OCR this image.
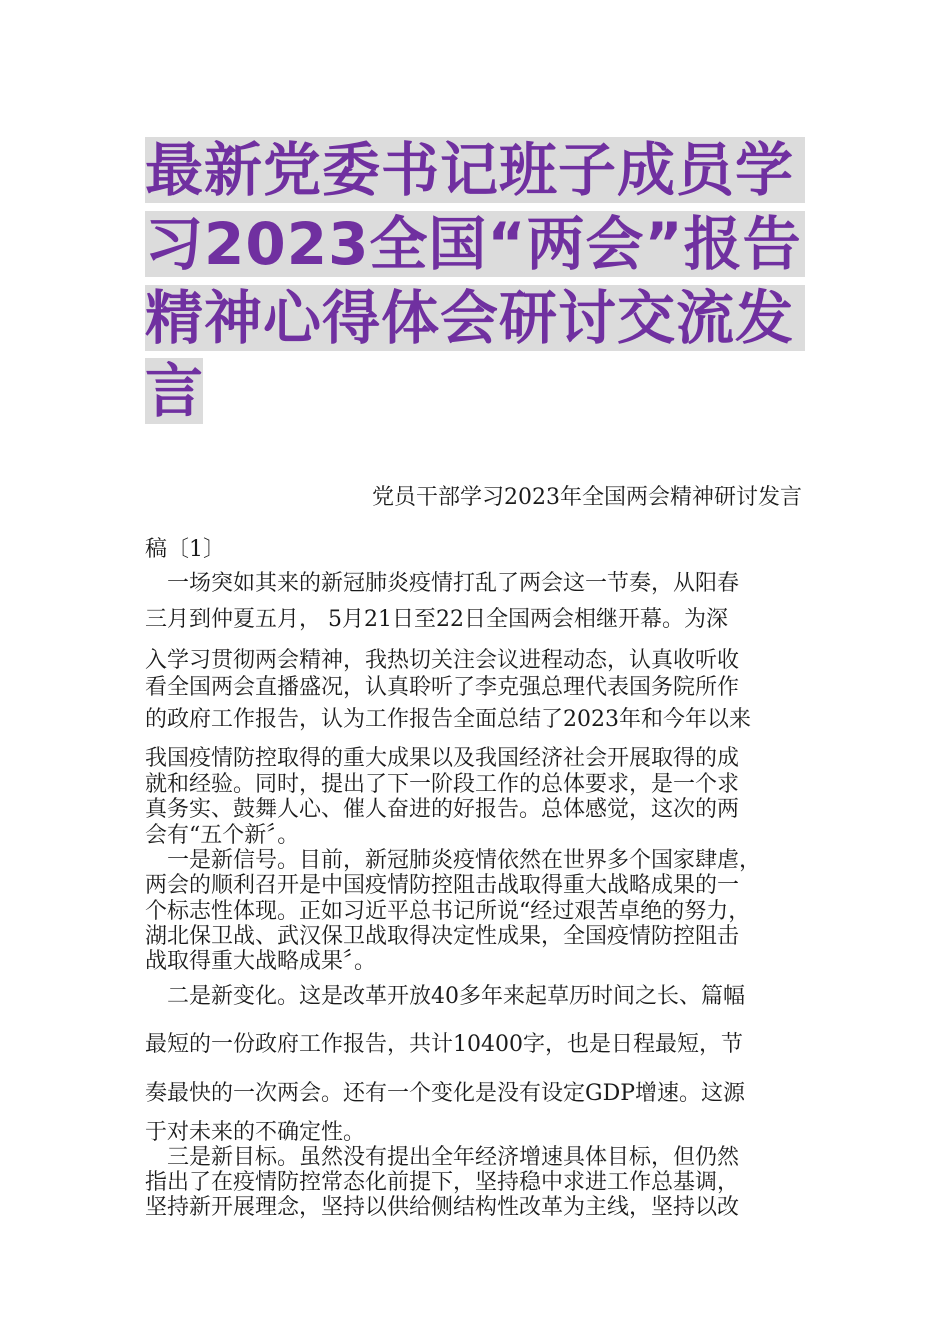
最新党委书记班子成员学
习2023全国“两会”报告
精神心得体会研讨交流发
言
党员干部学习2023年全国两会精神研讨发言
稿〔1〕
　一场突如其来的新冠肺炎疫情打乱了两会这一节奏，从阳春
三月到仲夏五月， 5月21日至22日全国两会相继开幕。为深
入学习贯彻两会精神，我热切关注会议进程动态，认真收听收
看全国两会直播盛况，认真聆听了李克强总理代表国务院所作
的政府工作报告，认为工作报告全面总结了2023年和今年以来
我国疫情防控取得的重大成果以及我国经济社会开展取得的成
就和经验。同时，提出了下一阶段工作的总体要求，是一个求
真务实、鼓舞人心、催人奋进的好报告。总体感觉，这次的两
会有“五个新〞。
　一是新信号。目前，新冠肺炎疫情依然在世界多个国家肆虐，
两会的顺利召开是中国疫情防控阻击战取得重大战略成果的一
个标志性体现。正如习近平总书记所说“经过艰苦卓绝的努力，
湖北保卫战、武汉保卫战取得决定性成果，全国疫情防控阻击
战取得重大战略成果〞。
　二是新变化。这是改革开放40多年来起草历时间之长、篇幅
最短的一份政府工作报告，共计10400字，也是日程最短，节
奏最快的一次两会。还有一个变化是没有设定GDP增速。这源
于对未来的不确定性。
　三是新目标。虽然没有提出全年经济增速具体目标，但仍然
指出了在疫情防控常态化前提下，坚持稳中求进工作总基调，
坚持新开展理念，坚持以供给侧结构性改革为主线，坚持以改
